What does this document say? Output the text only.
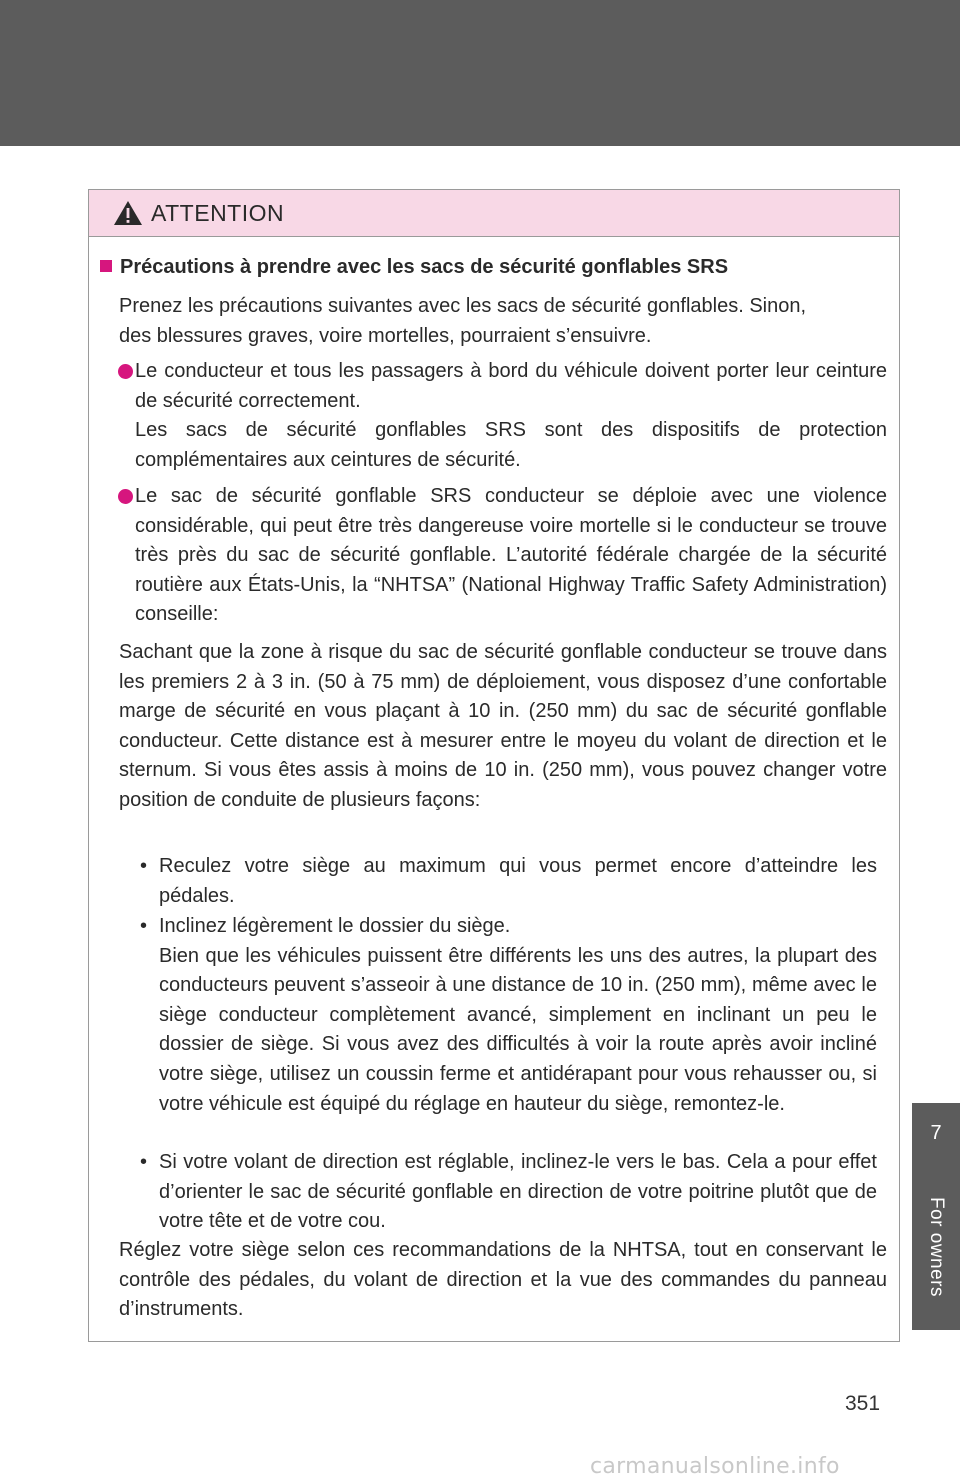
7
For owners
ATTENTION
Précautions à prendre avec les sacs de sécurité gonflables SRS
Prenez les précautions suivantes avec les sacs de sécurité gonflables. Sinon, des blessures graves, voire mortelles, pourraient s’ensuivre.
Le conducteur et tous les passagers à bord du véhicule doivent porter leur ceinture de sécurité correctement.
Les sacs de sécurité gonflables SRS sont des dispositifs de protection complémentaires aux ceintures de sécurité.
Le sac de sécurité gonflable SRS conducteur se déploie avec une violence considérable, qui peut être très dangereuse voire mortelle si le conducteur se trouve très près du sac de sécurité gonflable. L’autorité fédérale chargée de la sécurité routière aux États-Unis, la “NHTSA” (National Highway Traffic Safety Administration) conseille:
Sachant que la zone à risque du sac de sécurité gonflable conducteur se trouve dans les premiers 2 à 3 in. (50 à 75 mm) de déploiement, vous disposez d’une confortable marge de sécurité en vous plaçant à 10 in. (250 mm) du sac de sécurité gonflable conducteur. Cette distance est à mesurer entre le moyeu du volant de direction et le sternum. Si vous êtes assis à moins de 10 in. (250 mm), vous pouvez changer votre position de conduite de plusieurs façons:
• Reculez votre siège au maximum qui vous permet encore d’atteindre les pédales.
• Inclinez légèrement le dossier du siège.
Bien que les véhicules puissent être différents les uns des autres, la plupart des conducteurs peuvent s’asseoir à une distance de 10 in. (250 mm), même avec le siège conducteur complètement avancé, simplement en inclinant un peu le dossier de siège. Si vous avez des difficultés à voir la route après avoir incliné votre siège, utilisez un coussin ferme et antidérapant pour vous rehausser ou, si votre véhicule est équipé du réglage en hauteur du siège, remontez-le.
• Si votre volant de direction est réglable, inclinez-le vers le bas. Cela a pour effet d’orienter le sac de sécurité gonflable en direction de votre poitrine plutôt que de votre tête et de votre cou.
Réglez votre siège selon ces recommandations de la NHTSA, tout en conservant le contrôle des pédales, du volant de direction et la vue des commandes du panneau d’instruments.
351
carmanualsonline.info
